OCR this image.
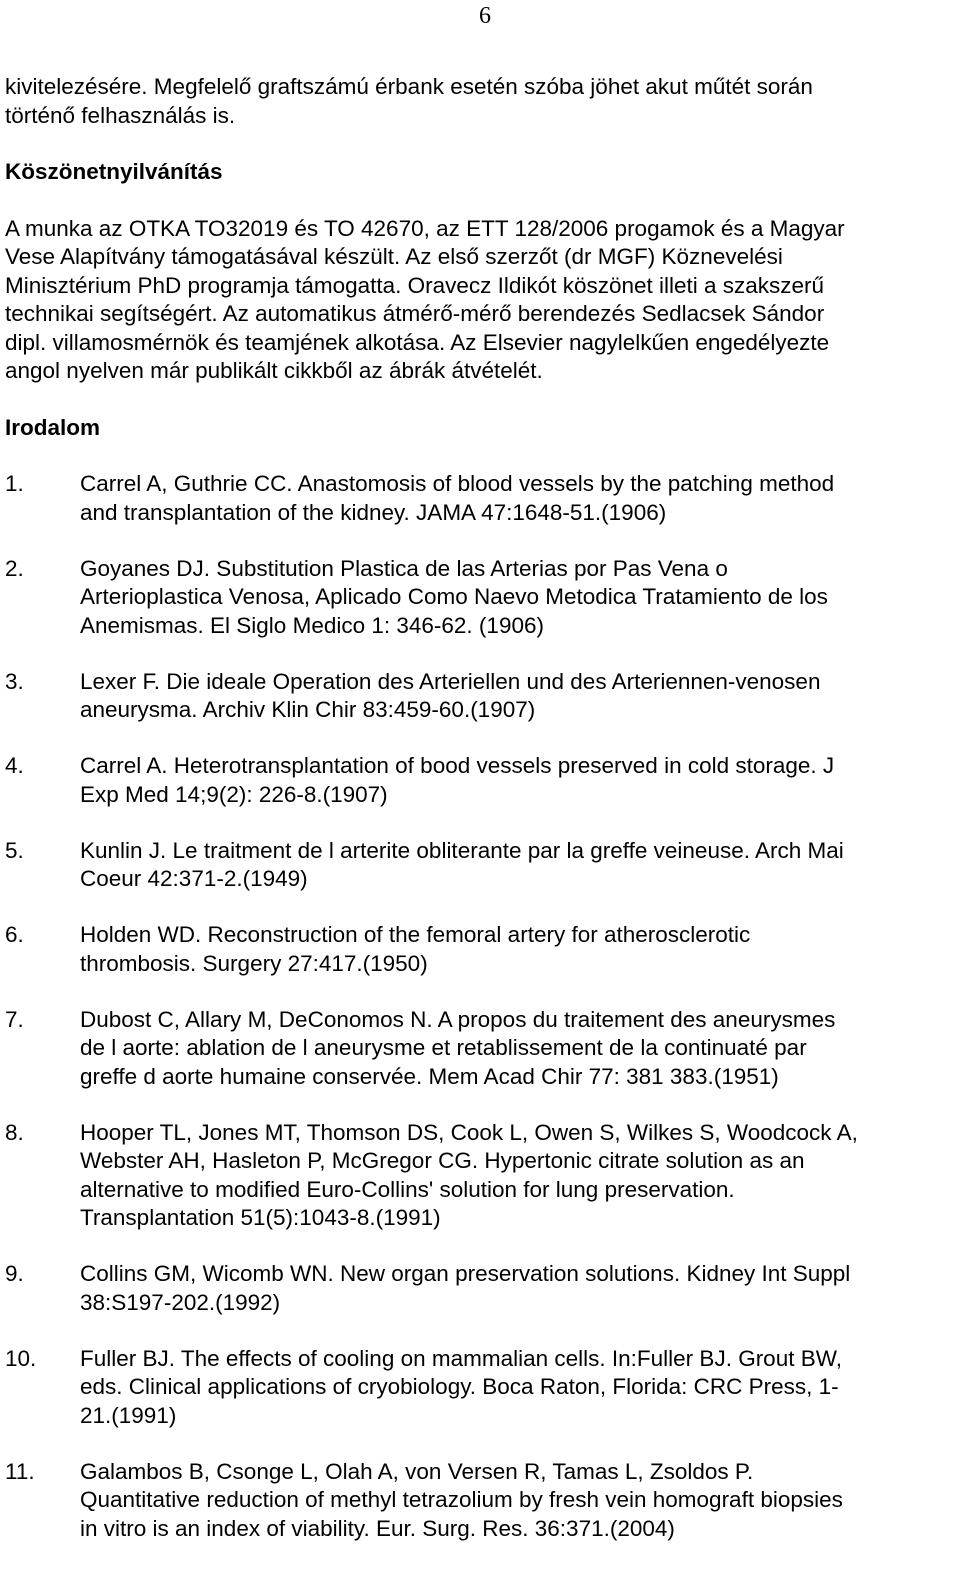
6

kivitelezésére. Megfelelő graftszámú érbank esetén szóba jöhet akut műtét során
történő felhasználás is.

Köszönetnyilvánítás

A munka az OTKA TO32019 és TO 42670, az ETT 128/2006 progamok és a Magyar
Vese Alapítvány támogatásával készült. Az első szerzőt (dr MGF) Köznevelési
Minisztérium PhD programja támogatta. Oravecz Ildikót köszönet illeti a szakszerű
technikai segítségért. Az automatikus átmérő-mérő berendezés Sedlacsek Sándor
dipl. villamosmérnök és teamjének alkotása. Az Elsevier nagylelkűen engedélyezte
angol nyelven már publikált cikkből az ábrák átvételét.

Irodalom

1. Carrel A, Guthrie CC. Anastomosis of blood vessels by the patching method
and transplantation of the kidney. JAMA 47:1648-51.(1906)
2. Goyanes DJ. Substitution Plastica de las Arterias por Pas Vena o
Arterioplastica Venosa, Aplicado Como Naevo Metodica Tratamiento de los
Anemismas. El Siglo Medico 1: 346-62. (1906)
3. Lexer F. Die ideale Operation des Arteriellen und des Arteriennen-venosen
aneurysma. Archiv Klin Chir 83:459-60.(1907)
4. Carrel A. Heterotransplantation of bood vessels preserved in cold storage. J
Exp Med 14;9(2): 226-8.(1907)
5. Kunlin J. Le traitment de l arterite obliterante par la greffe veineuse. Arch Mai
Coeur 42:371-2.(1949)
6. Holden WD. Reconstruction of the femoral artery for atherosclerotic
thrombosis. Surgery 27:417.(1950)
7. Dubost C, Allary M, DeConomos N. A propos du traitement des aneurysmes
de l aorte: ablation de l aneurysme et retablissement de la continuaté par
greffe d aorte humaine conservée. Mem Acad Chir 77: 381 383.(1951)
8. Hooper TL, Jones MT, Thomson DS, Cook L, Owen S, Wilkes S, Woodcock A,
Webster AH, Hasleton P, McGregor CG. Hypertonic citrate solution as an
alternative to modified Euro-Collins' solution for lung preservation.
Transplantation 51(5):1043-8.(1991)
9. Collins GM, Wicomb WN. New organ preservation solutions. Kidney Int Suppl
38:S197-202.(1992)
10. Fuller BJ. The effects of cooling on mammalian cells. In:Fuller BJ. Grout BW,
eds. Clinical applications of cryobiology. Boca Raton, Florida: CRC Press, 1-
21.(1991)
11. Galambos B, Csonge L, Olah A, von Versen R, Tamas L, Zsoldos P.
Quantitative reduction of methyl tetrazolium by fresh vein homograft biopsies
in vitro is an index of viability. Eur. Surg. Res. 36:371.(2004)
